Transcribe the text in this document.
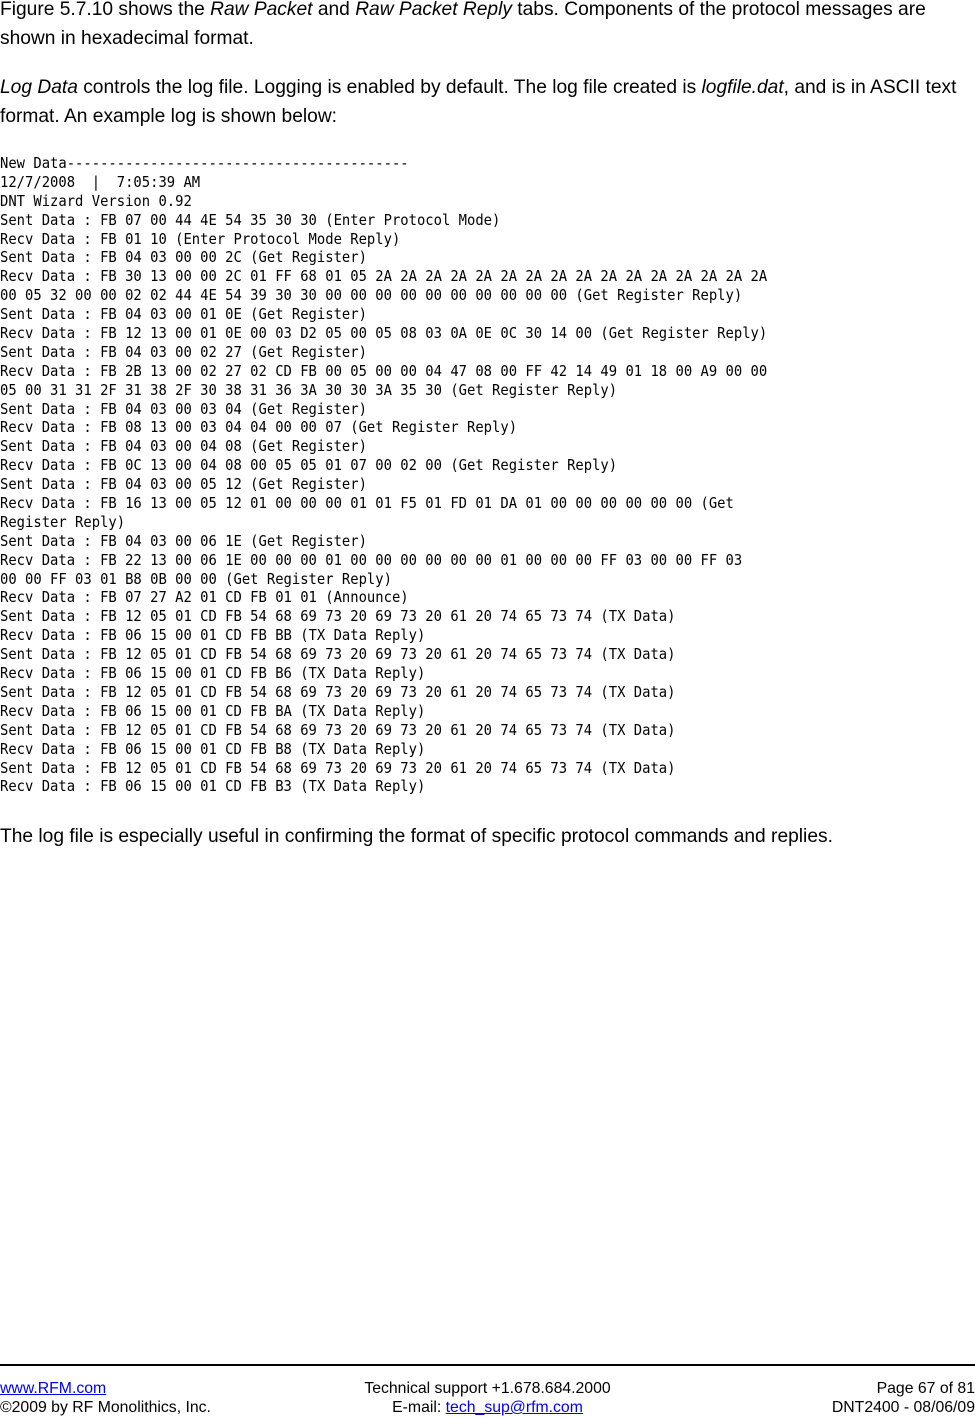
Figure 5.7.10 shows the Raw Packet and Raw Packet Reply tabs. Components of the protocol messages are shown in hexadecimal format.

Log Data controls the log file. Logging is enabled by default. The log file created is logfile.dat, and is in ASCII text format. An example log is shown below:

New Data-----------------------------------------
12/7/2008  |  7:05:39 AM
DNT Wizard Version 0.92
Sent Data : FB 07 00 44 4E 54 35 30 30 (Enter Protocol Mode)
Recv Data : FB 01 10 (Enter Protocol Mode Reply)
Sent Data : FB 04 03 00 00 2C (Get Register)
Recv Data : FB 30 13 00 00 2C 01 FF 68 01 05 2A 2A 2A 2A 2A 2A 2A 2A 2A 2A 2A 2A 2A 2A 2A 2A
00 05 32 00 00 02 02 44 4E 54 39 30 30 00 00 00 00 00 00 00 00 00 00 (Get Register Reply)
Sent Data : FB 04 03 00 01 0E (Get Register)
Recv Data : FB 12 13 00 01 0E 00 03 D2 05 00 05 08 03 0A 0E 0C 30 14 00 (Get Register Reply)
Sent Data : FB 04 03 00 02 27 (Get Register)
Recv Data : FB 2B 13 00 02 27 02 CD FB 00 05 00 00 04 47 08 00 FF 42 14 49 01 18 00 A9 00 00
05 00 31 31 2F 31 38 2F 30 38 31 36 3A 30 30 3A 35 30 (Get Register Reply)
Sent Data : FB 04 03 00 03 04 (Get Register)
Recv Data : FB 08 13 00 03 04 04 00 00 07 (Get Register Reply)
Sent Data : FB 04 03 00 04 08 (Get Register)
Recv Data : FB 0C 13 00 04 08 00 05 05 01 07 00 02 00 (Get Register Reply)
Sent Data : FB 04 03 00 05 12 (Get Register)
Recv Data : FB 16 13 00 05 12 01 00 00 00 01 01 F5 01 FD 01 DA 01 00 00 00 00 00 00 (Get
Register Reply)
Sent Data : FB 04 03 00 06 1E (Get Register)
Recv Data : FB 22 13 00 06 1E 00 00 00 01 00 00 00 00 00 00 01 00 00 00 FF 03 00 00 FF 03
00 00 FF 03 01 B8 0B 00 00 (Get Register Reply)
Recv Data : FB 07 27 A2 01 CD FB 01 01 (Announce)
Sent Data : FB 12 05 01 CD FB 54 68 69 73 20 69 73 20 61 20 74 65 73 74 (TX Data)
Recv Data : FB 06 15 00 01 CD FB BB (TX Data Reply)
Sent Data : FB 12 05 01 CD FB 54 68 69 73 20 69 73 20 61 20 74 65 73 74 (TX Data)
Recv Data : FB 06 15 00 01 CD FB B6 (TX Data Reply)
Sent Data : FB 12 05 01 CD FB 54 68 69 73 20 69 73 20 61 20 74 65 73 74 (TX Data)
Recv Data : FB 06 15 00 01 CD FB BA (TX Data Reply)
Sent Data : FB 12 05 01 CD FB 54 68 69 73 20 69 73 20 61 20 74 65 73 74 (TX Data)
Recv Data : FB 06 15 00 01 CD FB B8 (TX Data Reply)
Sent Data : FB 12 05 01 CD FB 54 68 69 73 20 69 73 20 61 20 74 65 73 74 (TX Data)
Recv Data : FB 06 15 00 01 CD FB B3 (TX Data Reply)

The log file is especially useful in confirming the format of specific protocol commands and replies.

www.RFM.com	Technical support +1.678.684.2000	Page 67 of 81
©2009 by RF Monolithics, Inc.	E-mail: tech_sup@rfm.com	DNT2400 - 08/06/09
